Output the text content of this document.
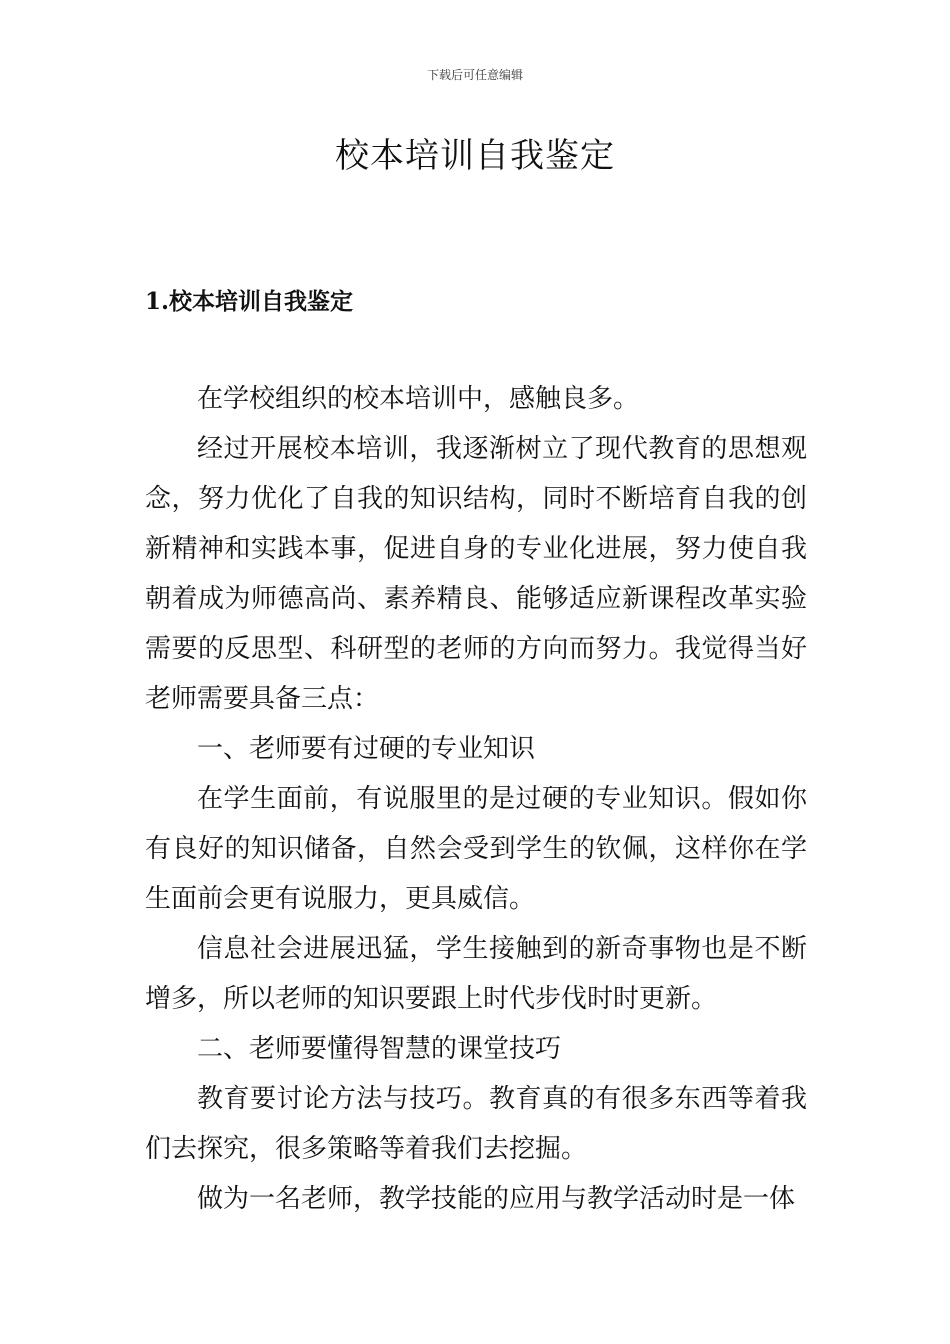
下载后可任意编辑
校本培训自我鉴定
1.校本培训自我鉴定

在学校组织的校本培训中，感触良多。

经过开展校本培训，我逐渐树立了现代教育的思想观念，努力优化了自我的知识结构，同时不断培育自我的创新精神和实践本事，促进自身的专业化进展，努力使自我朝着成为师德高尚、素养精良、能够适应新课程改革实验需要的反思型、科研型的老师的方向而努力。我觉得当好老师需要具备三点：

一、老师要有过硬的专业知识

在学生面前，有说服里的是过硬的专业知识。假如你有良好的知识储备，自然会受到学生的钦佩，这样你在学生面前会更有说服力，更具威信。

信息社会进展迅猛，学生接触到的新奇事物也是不断增多，所以老师的知识要跟上时代步伐时时更新。

二、老师要懂得智慧的课堂技巧

教育要讨论方法与技巧。教育真的有很多东西等着我们去探究，很多策略等着我们去挖掘。

做为一名老师，教学技能的应用与教学活动时是一体
